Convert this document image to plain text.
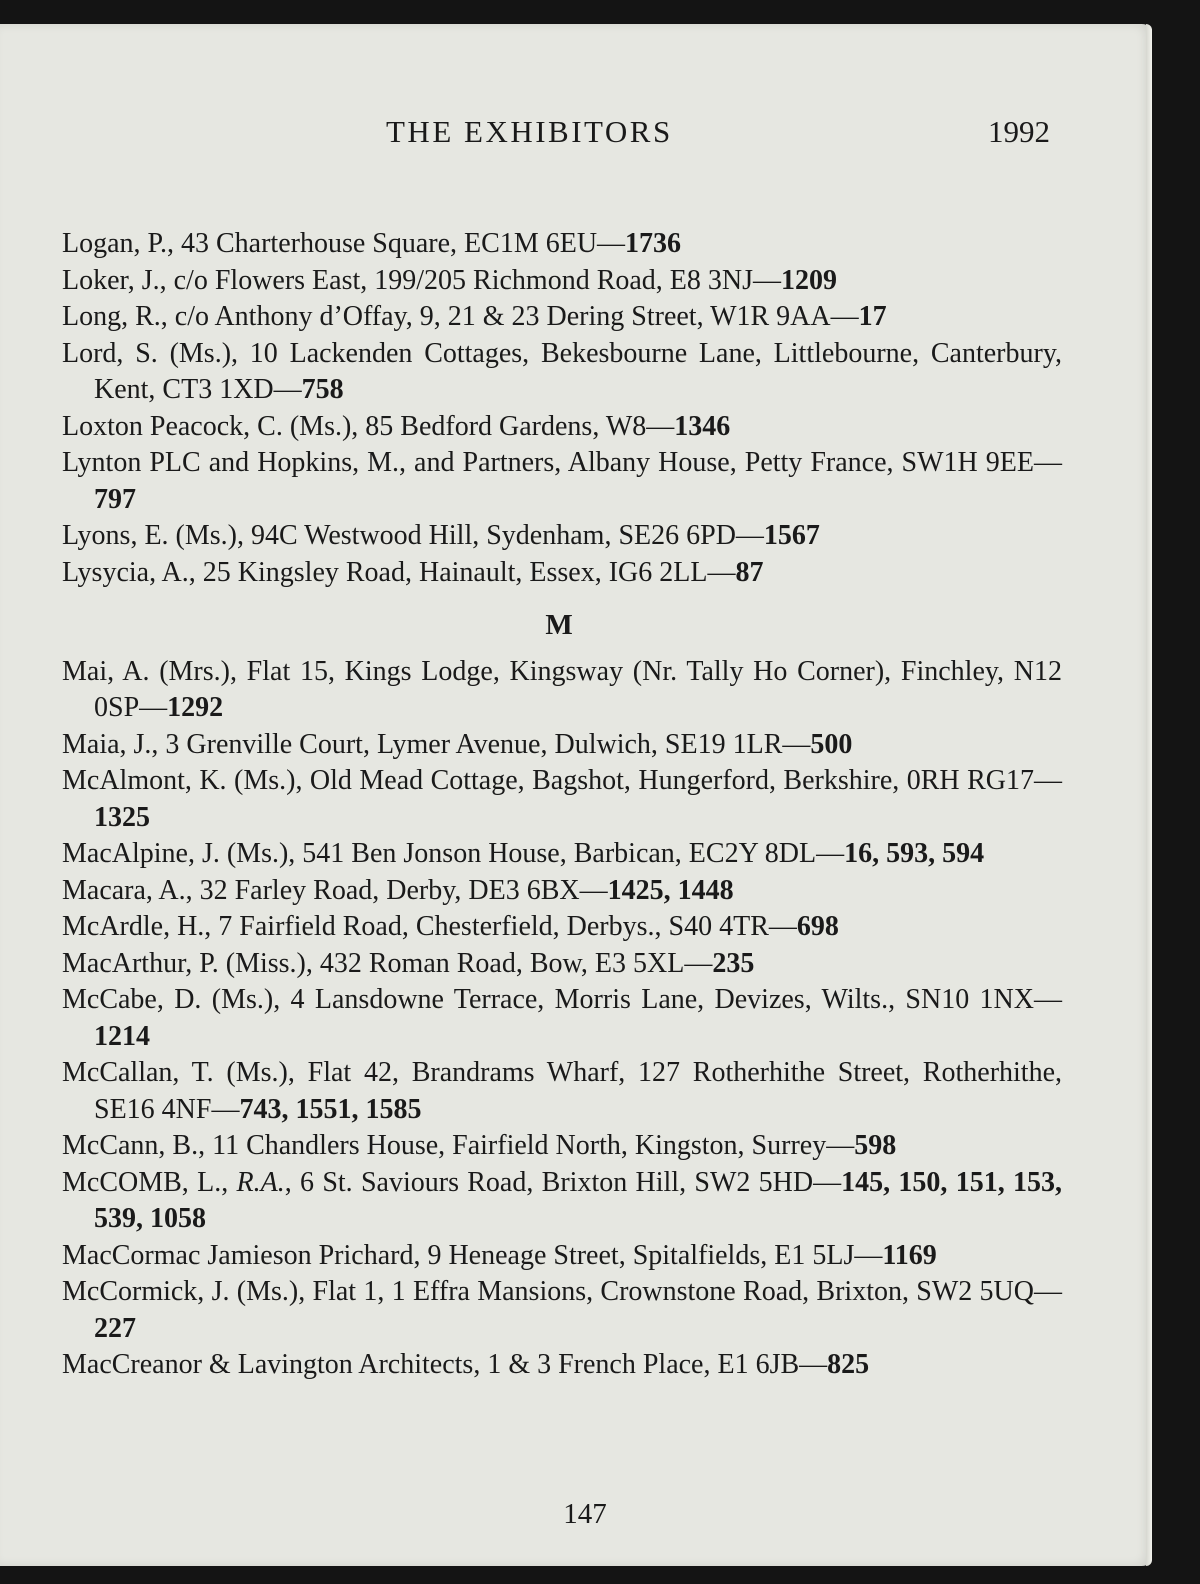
THE EXHIBITORS	1992

Logan, P., 43 Charterhouse Square, EC1M 6EU—1736

Loker, J., c/o Flowers East, 199/205 Richmond Road, E8 3NJ—1209

Long, R., c/o Anthony d’Offay, 9, 21 & 23 Dering Street, W1R 9AA—17

Lord, S. (Ms.), 10 Lackenden Cottages, Bekesbourne Lane, Littlebourne, Canterbury, Kent, CT3 1XD—758

Loxton Peacock, C. (Ms.), 85 Bedford Gardens, W8—1346

Lynton PLC and Hopkins, M., and Partners, Albany House, Petty France, SW1H 9EE—797

Lyons, E. (Ms.), 94C Westwood Hill, Sydenham, SE26 6PD—1567

Lysycia, A., 25 Kingsley Road, Hainault, Essex, IG6 2LL—87

M

Mai, A. (Mrs.), Flat 15, Kings Lodge, Kingsway (Nr. Tally Ho Corner), Finchley, N12 0SP—1292

Maia, J., 3 Grenville Court, Lymer Avenue, Dulwich, SE19 1LR—500

McAlmont, K. (Ms.), Old Mead Cottage, Bagshot, Hungerford, Berkshire, 0RH RG17—1325

MacAlpine, J. (Ms.), 541 Ben Jonson House, Barbican, EC2Y 8DL—16, 593, 594

Macara, A., 32 Farley Road, Derby, DE3 6BX—1425, 1448

McArdle, H., 7 Fairfield Road, Chesterfield, Derbys., S40 4TR—698

MacArthur, P. (Miss.), 432 Roman Road, Bow, E3 5XL—235

McCabe, D. (Ms.), 4 Lansdowne Terrace, Morris Lane, Devizes, Wilts., SN10 1NX—1214

McCallan, T. (Ms.), Flat 42, Brandrams Wharf, 127 Rotherhithe Street, Rotherhithe, SE16 4NF—743, 1551, 1585

McCann, B., 11 Chandlers House, Fairfield North, Kingston, Surrey—598

McCOMB, L., R.A., 6 St. Saviours Road, Brixton Hill, SW2 5HD—145, 150, 151, 153, 539, 1058

MacCormac Jamieson Prichard, 9 Heneage Street, Spitalfields, E1 5LJ—1169

McCormick, J. (Ms.), Flat 1, 1 Effra Mansions, Crownstone Road, Brixton, SW2 5UQ—227

MacCreanor & Lavington Architects, 1 & 3 French Place, E1 6JB—825

147
